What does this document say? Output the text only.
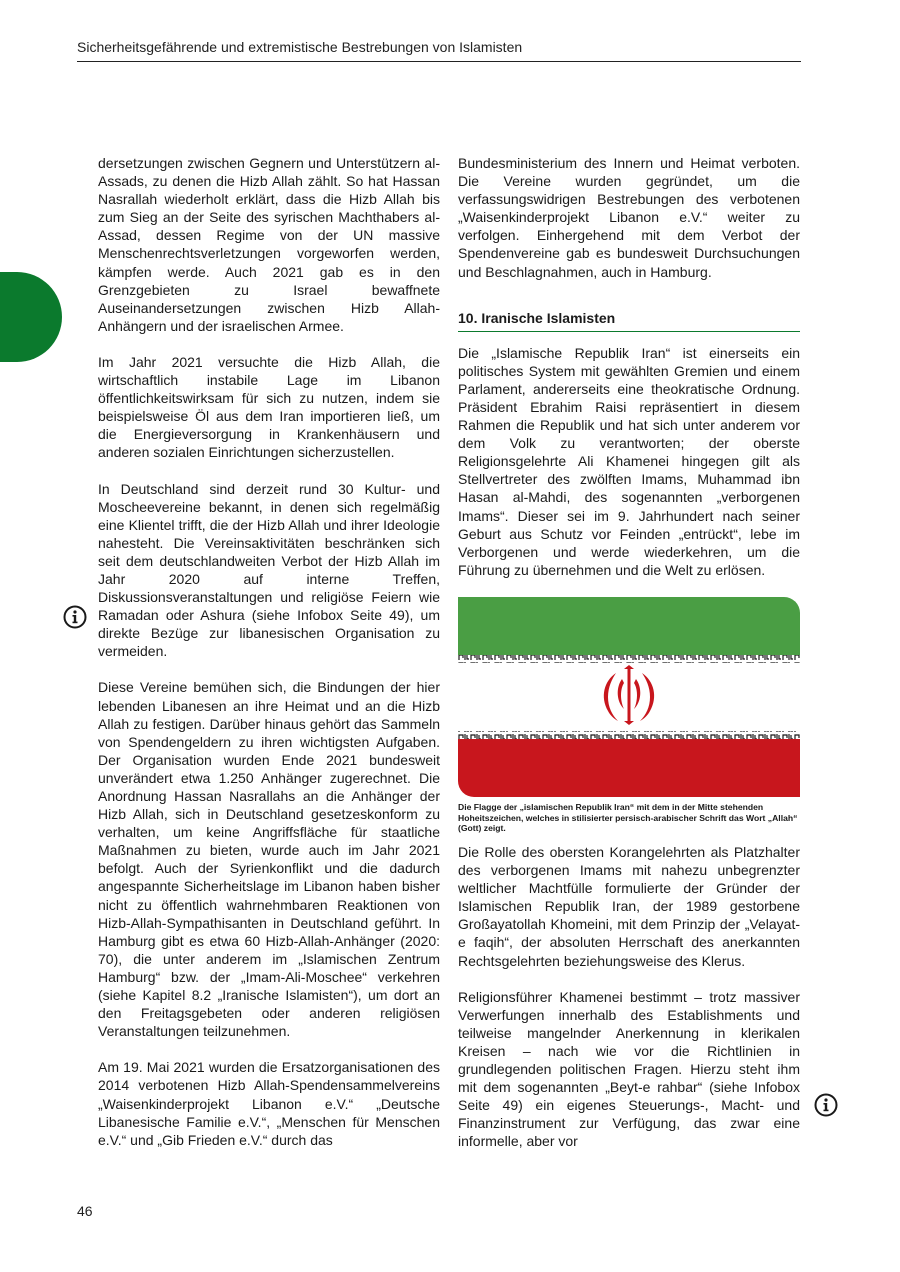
Sicherheitsgefährende und extremistische Bestrebungen von Islamisten

dersetzungen zwischen Gegnern und Unterstützern al-Assads, zu denen die Hizb Allah zählt. So hat Hassan Nasrallah wiederholt erklärt, dass die Hizb Allah bis zum Sieg an der Seite des syrischen Machthabers al-Assad, dessen Regime von der UN massive Menschenrechtsverletzungen vorgeworfen werden, kämpfen werde. Auch 2021 gab es in den Grenzgebieten zu Israel bewaffnete Auseinandersetzungen zwischen Hizb Allah-Anhängern und der israelischen Armee.

Im Jahr 2021 versuchte die Hizb Allah, die wirtschaftlich instabile Lage im Libanon öffentlichkeitswirksam für sich zu nutzen, indem sie beispielsweise Öl aus dem Iran importieren ließ, um die Energieversorgung in Krankenhäusern und anderen sozialen Einrichtungen sicherzustellen.

In Deutschland sind derzeit rund 30 Kultur- und Moscheevereine bekannt, in denen sich regelmäßig eine Klientel trifft, die der Hizb Allah und ihrer Ideologie nahesteht. Die Vereinsaktivitäten beschränken sich seit dem deutschlandweiten Verbot der Hizb Allah im Jahr 2020 auf interne Treffen, Diskussionsveranstaltungen und religiöse Feiern wie Ramadan oder Ashura (siehe Infobox Seite 49), um direkte Bezüge zur libanesischen Organisation zu vermeiden.

Diese Vereine bemühen sich, die Bindungen der hier lebenden Libanesen an ihre Heimat und an die Hizb Allah zu festigen. Darüber hinaus gehört das Sammeln von Spendengeldern zu ihren wichtigsten Aufgaben. Der Organisation wurden Ende 2021 bundesweit unverändert etwa 1.250 Anhänger zugerechnet. Die Anordnung Hassan Nasrallahs an die Anhänger der Hizb Allah, sich in Deutschland gesetzeskonform zu verhalten, um keine Angriffsfläche für staatliche Maßnahmen zu bieten, wurde auch im Jahr 2021 befolgt. Auch der Syrienkonflikt und die dadurch angespannte Sicherheitslage im Libanon haben bisher nicht zu öffentlich wahrnehmbaren Reaktionen von Hizb-Allah-Sympathisanten in Deutschland geführt. In Hamburg gibt es etwa 60 Hizb-Allah-Anhänger (2020: 70), die unter anderem im „Islamischen Zentrum Hamburg“ bzw. der „Imam-Ali-Moschee“ verkehren (siehe Kapitel 8.2 „Iranische Islamisten“), um dort an den Freitagsgebeten oder anderen religiösen Veranstaltungen teilzunehmen.

Am 19. Mai 2021 wurden die Ersatzorganisationen des 2014 verbotenen Hizb Allah-Spendensammelvereins „Waisenkinderprojekt Libanon e.V.“ „Deutsche Libanesische Familie e.V.“, „Menschen für Menschen e.V.“ und „Gib Frieden e.V.“ durch das

Bundesministerium des Innern und Heimat verboten. Die Vereine wurden gegründet, um die verfassungswidrigen Bestrebungen des verbotenen „Waisenkinderprojekt Libanon e.V.“ weiter zu verfolgen. Einhergehend mit dem Verbot der Spendenvereine gab es bundesweit Durchsuchungen und Beschlagnahmen, auch in Hamburg.

10. Iranische Islamisten

Die „Islamische Republik Iran“ ist einerseits ein politisches System mit gewählten Gremien und einem Parlament, andererseits eine theokratische Ordnung. Präsident Ebrahim Raisi repräsentiert in diesem Rahmen die Republik und hat sich unter anderem vor dem Volk zu verantworten; der oberste Religionsgelehrte Ali Khamenei hingegen gilt als Stellvertreter des zwölften Imams, Muhammad ibn Hasan al-Mahdi, des sogenannten „verborgenen Imams“. Dieser sei im 9. Jahrhundert nach seiner Geburt aus Schutz vor Feinden „entrückt“, lebe im Verborgenen und werde wiederkehren, um die Führung zu übernehmen und die Welt zu erlösen.

Die Flagge der „islamischen Republik Iran“ mit dem in der Mitte stehenden Hoheitszeichen, welches in stilisierter persisch-arabischer Schrift das Wort „Allah“ (Gott) zeigt.

Die Rolle des obersten Korangelehrten als Platzhalter des verborgenen Imams mit nahezu unbegrenzter weltlicher Machtfülle formulierte der Gründer der Islamischen Republik Iran, der 1989 gestorbene Großayatollah Khomeini, mit dem Prinzip der „Velayat-e faqih“, der absoluten Herrschaft des anerkannten Rechtsgelehrten beziehungsweise des Klerus.

Religionsführer Khamenei bestimmt – trotz massiver Verwerfungen innerhalb des Establishments und teilweise mangelnder Anerkennung in klerikalen Kreisen – nach wie vor die Richtlinien in grundlegenden politischen Fragen. Hierzu steht ihm mit dem sogenannten „Beyt-e rahbar“ (siehe Infobox Seite 49) ein eigenes Steuerungs-, Macht- und Finanzinstrument zur Verfügung, das zwar eine informelle, aber vor

46
